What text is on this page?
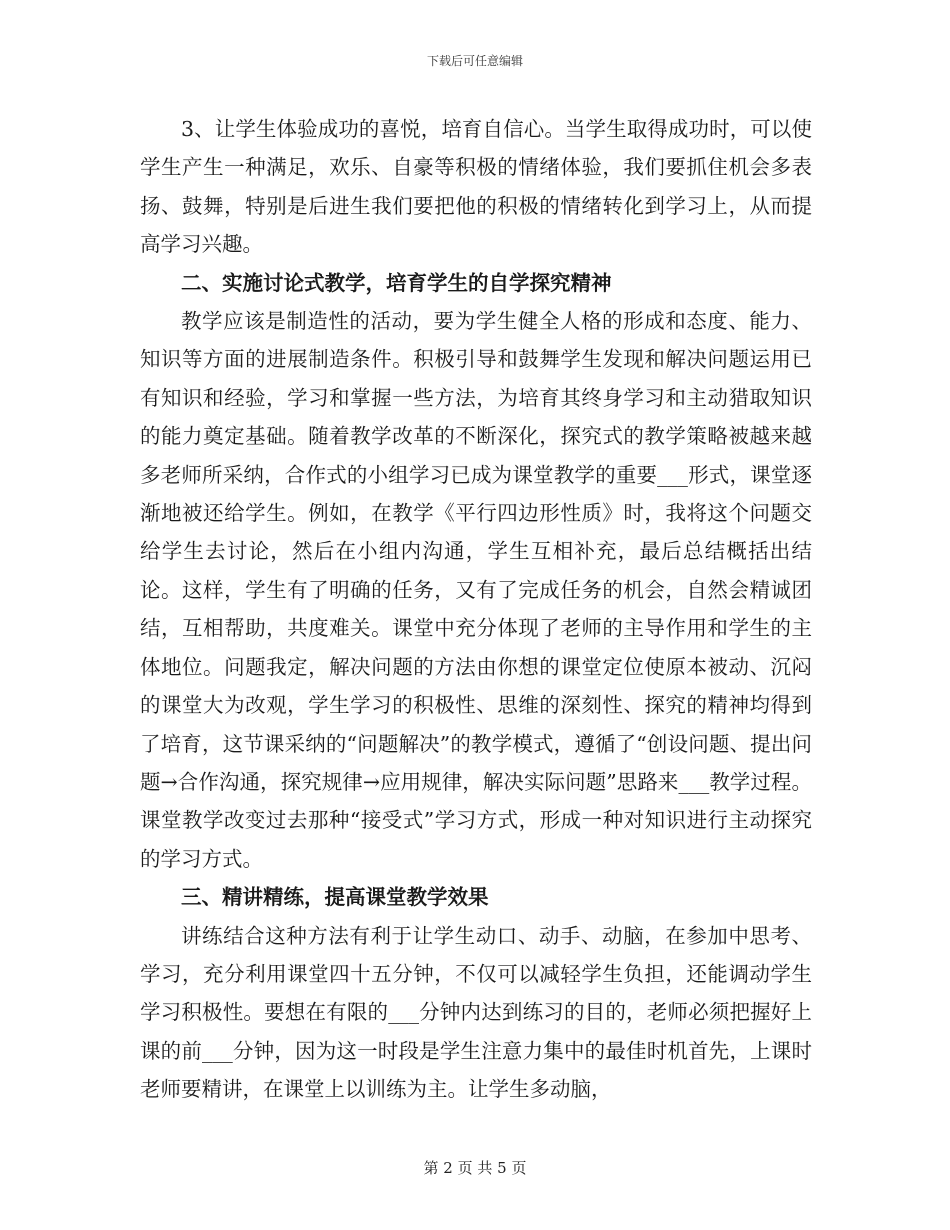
下载后可任意编辑

3、让学生体验成功的喜悦，培育自信心。当学生取得成功时，可以使学生产生一种满足，欢乐、自豪等积极的情绪体验，我们要抓住机会多表扬、鼓舞，特别是后进生我们要把他的积极的情绪转化到学习上，从而提高学习兴趣。

二、实施讨论式教学，培育学生的自学探究精神

教学应该是制造性的活动，要为学生健全人格的形成和态度、能力、知识等方面的进展制造条件。积极引导和鼓舞学生发现和解决问题运用已有知识和经验，学习和掌握一些方法，为培育其终身学习和主动猎取知识的能力奠定基础。随着教学改革的不断深化，探究式的教学策略被越来越多老师所采纳，合作式的小组学习已成为课堂教学的重要___形式，课堂逐渐地被还给学生。例如，在教学《平行四边形性质》时，我将这个问题交给学生去讨论，然后在小组内沟通，学生互相补充，最后总结概括出结论。这样，学生有了明确的任务，又有了完成任务的机会，自然会精诚团结，互相帮助，共度难关。课堂中充分体现了老师的主导作用和学生的主体地位。问题我定，解决问题的方法由你想的课堂定位使原本被动、沉闷的课堂大为改观，学生学习的积极性、思维的深刻性、探究的精神均得到了培育，这节课采纳的“问题解决”的教学模式，遵循了“创设问题、提出问题→合作沟通，探究规律→应用规律，解决实际问题”思路来___教学过程。课堂教学改变过去那种“接受式”学习方式，形成一种对知识进行主动探究的学习方式。

三、精讲精练，提高课堂教学效果

讲练结合这种方法有利于让学生动口、动手、动脑，在参加中思考、学习，充分利用课堂四十五分钟，不仅可以减轻学生负担，还能调动学生学习积极性。要想在有限的___分钟内达到练习的目的，老师必须把握好上课的前___分钟，因为这一时段是学生注意力集中的最佳时机首先，上课时老师要精讲，在课堂上以训练为主。让学生多动脑，

第 2 页 共 5 页
